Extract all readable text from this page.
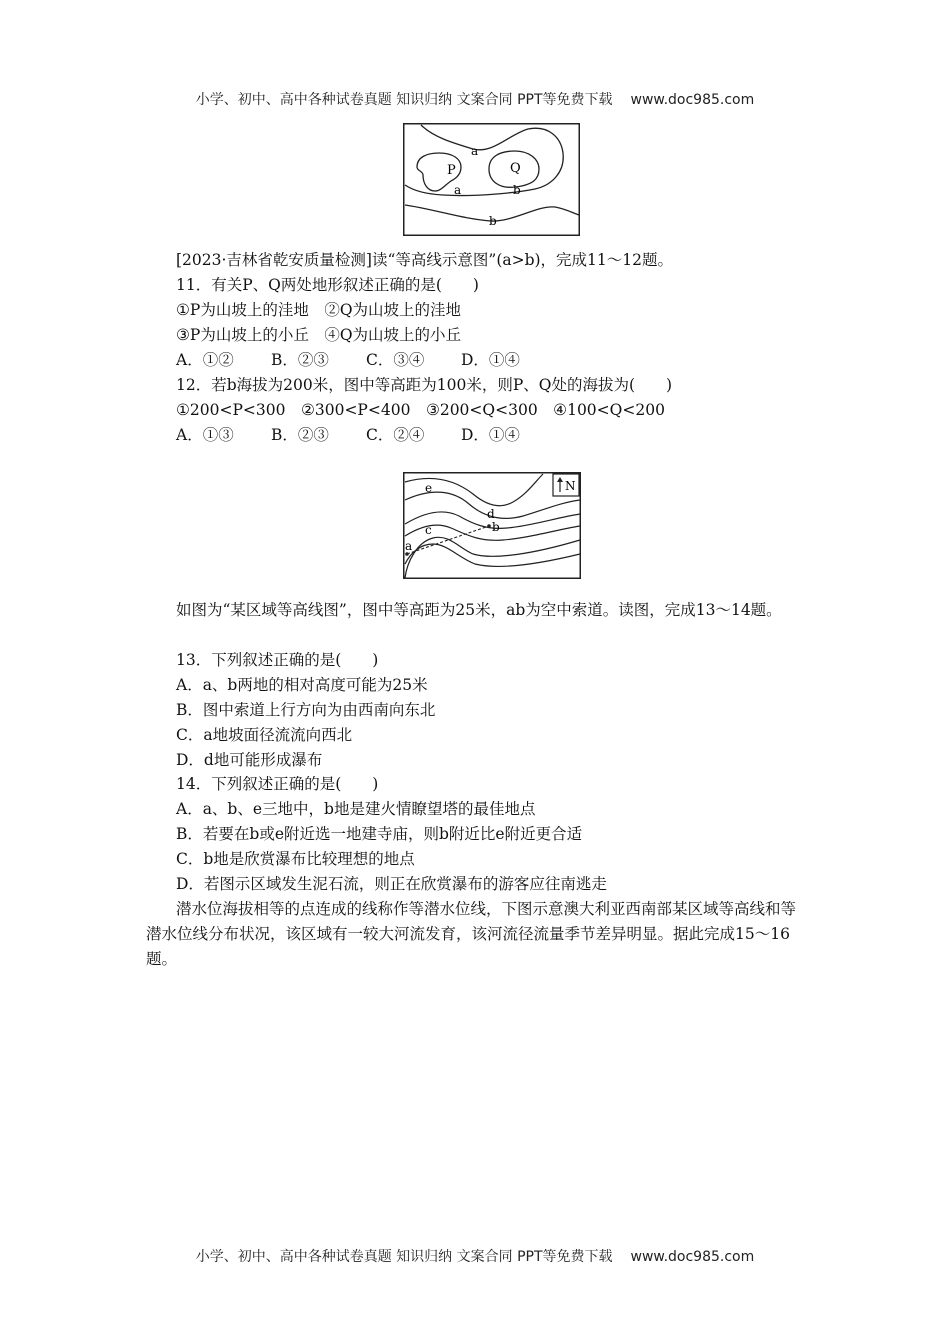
小学、初中、高中各种试卷真题 知识归纳 文案合同 PPT等免费下载 www.doc985.com
P	Q
a
a	b
b
[2023·吉林省乾安质量检测]读“等高线示意图”(a>b)，完成11～12题。
11．有关P、Q两处地形叙述正确的是(　　)
①P为山坡上的洼地　②Q为山坡上的洼地
③P为山坡上的小丘　④Q为山坡上的小丘
A．①② B．②③ C．③④ D．①④
12．若b海拔为200米，图中等高距为100米，则P、Q处的海拔为(　　)
①200<P<300　②300<P<400　③200<Q<300　④100<Q<200
A．①③ B．②③ C．②④ D．①④
N
e
d
c	b
a
如图为“某区域等高线图”，图中等高距为25米，ab为空中索道。读图，完成13～14题。
13．下列叙述正确的是(　　)
A．a、b两地的相对高度可能为25米
B．图中索道上行方向为由西南向东北
C．a地坡面径流流向西北
D．d地可能形成瀑布
14．下列叙述正确的是(　　)
A．a、b、e三地中，b地是建火情瞭望塔的最佳地点
B．若要在b或e附近选一地建寺庙，则b附近比e附近更合适
C．b地是欣赏瀑布比较理想的地点
D．若图示区域发生泥石流，则正在欣赏瀑布的游客应往南逃走
潜水位海拔相等的点连成的线称作等潜水位线，下图示意澳大利亚西南部某区域等高线和等潜水位线分布状况，该区域有一较大河流发育，该河流径流量季节差异明显。据此完成15～16题。
小学、初中、高中各种试卷真题 知识归纳 文案合同 PPT等免费下载 www.doc985.com
